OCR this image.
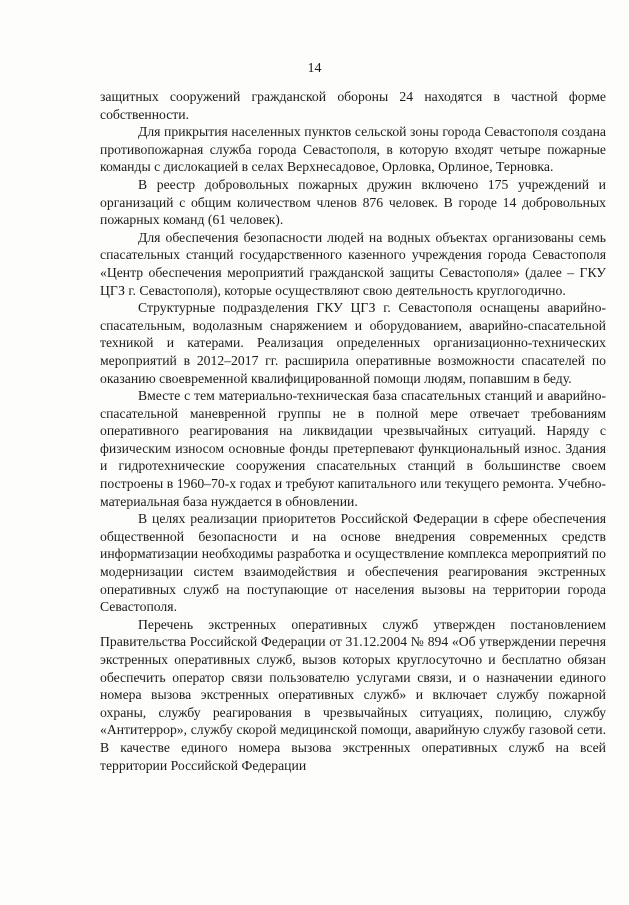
14

защитных сооружений гражданской обороны 24 находятся в частной форме собственности.

Для прикрытия населенных пунктов сельской зоны города Севастополя создана противопожарная служба города Севастополя, в которую входят четыре пожарные команды с дислокацией в селах Верхнесадовое, Орловка, Орлиное, Терновка.

В реестр добровольных пожарных дружин включено 175 учреждений и организаций с общим количеством членов 876 человек. В городе 14 добровольных пожарных команд (61 человек).

Для обеспечения безопасности людей на водных объектах организованы семь спасательных станций государственного казенного учреждения города Севастополя «Центр обеспечения мероприятий гражданской защиты Севастополя» (далее – ГКУ ЦГЗ г. Севастополя), которые осуществляют свою деятельность круглогодично.

Структурные подразделения ГКУ ЦГЗ г. Севастополя оснащены аварийно-спасательным, водолазным снаряжением и оборудованием, аварийно-спасательной техникой и катерами. Реализация определенных организационно-технических мероприятий в 2012–2017 гг. расширила оперативные возможности спасателей по оказанию своевременной квалифицированной помощи людям, попавшим в беду.

Вместе с тем материально-техническая база спасательных станций и аварийно-спасательной маневренной группы не в полной мере отвечает требованиям оперативного реагирования на ликвидации чрезвычайных ситуаций. Наряду с физическим износом основные фонды претерпевают функциональный износ. Здания и гидротехнические сооружения спасательных станций в большинстве своем построены в 1960–70-х годах и требуют капитального или текущего ремонта. Учебно-материальная база нуждается в обновлении.

В целях реализации приоритетов Российской Федерации в сфере обеспечения общественной безопасности и на основе внедрения современных средств информатизации необходимы разработка и осуществление комплекса мероприятий по модернизации систем взаимодействия и обеспечения реагирования экстренных оперативных служб на поступающие от населения вызовы на территории города Севастополя.

Перечень экстренных оперативных служб утвержден постановлением Правительства Российской Федерации от 31.12.2004 № 894 «Об утверждении перечня экстренных оперативных служб, вызов которых круглосуточно и бесплатно обязан обеспечить оператор связи пользователю услугами связи, и о назначении единого номера вызова экстренных оперативных служб» и включает службу пожарной охраны, службу реагирования в чрезвычайных ситуациях, полицию, службу «Антитеррор», службу скорой медицинской помощи, аварийную службу газовой сети. В качестве единого номера вызова экстренных оперативных служб на всей территории Российской Федерации
